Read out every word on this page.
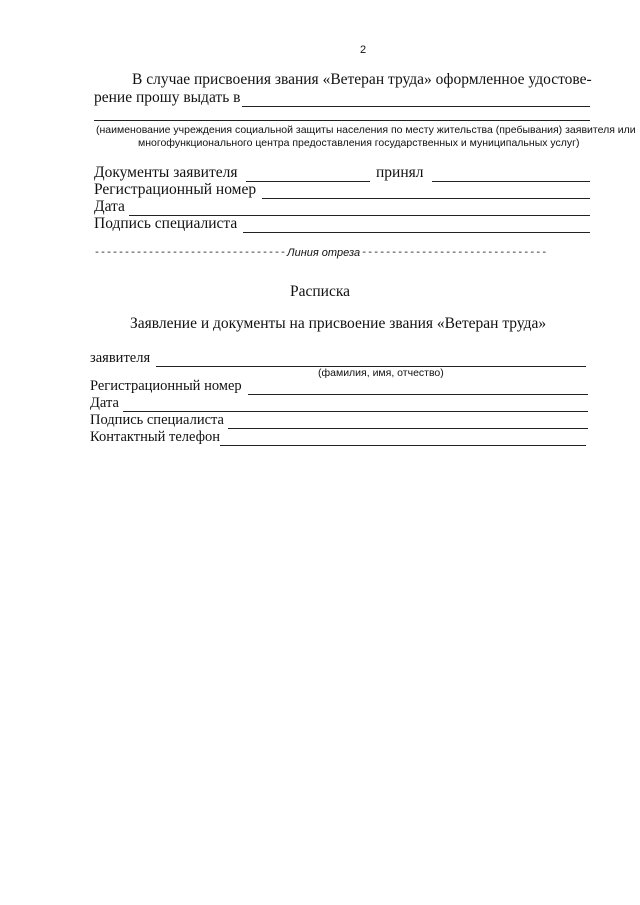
2
В случае присвоения звания «Ветеран труда» оформленное удостове-
рение прошу выдать в
(наименование учреждения социальной защиты населения по месту жительства (пребывания) заявителя или
многофункционального центра предоставления государственных и муниципальных услуг)
Документы заявителя	принял
Регистрационный номер
Дата
Подпись специалиста
-------------------------------- Линия отреза -------------------------------
Расписка
Заявление и документы на присвоение звания «Ветеран труда»
заявителя
(фамилия, имя, отчество)
Регистрационный номер
Дата
Подпись специалиста
Контактный телефон
